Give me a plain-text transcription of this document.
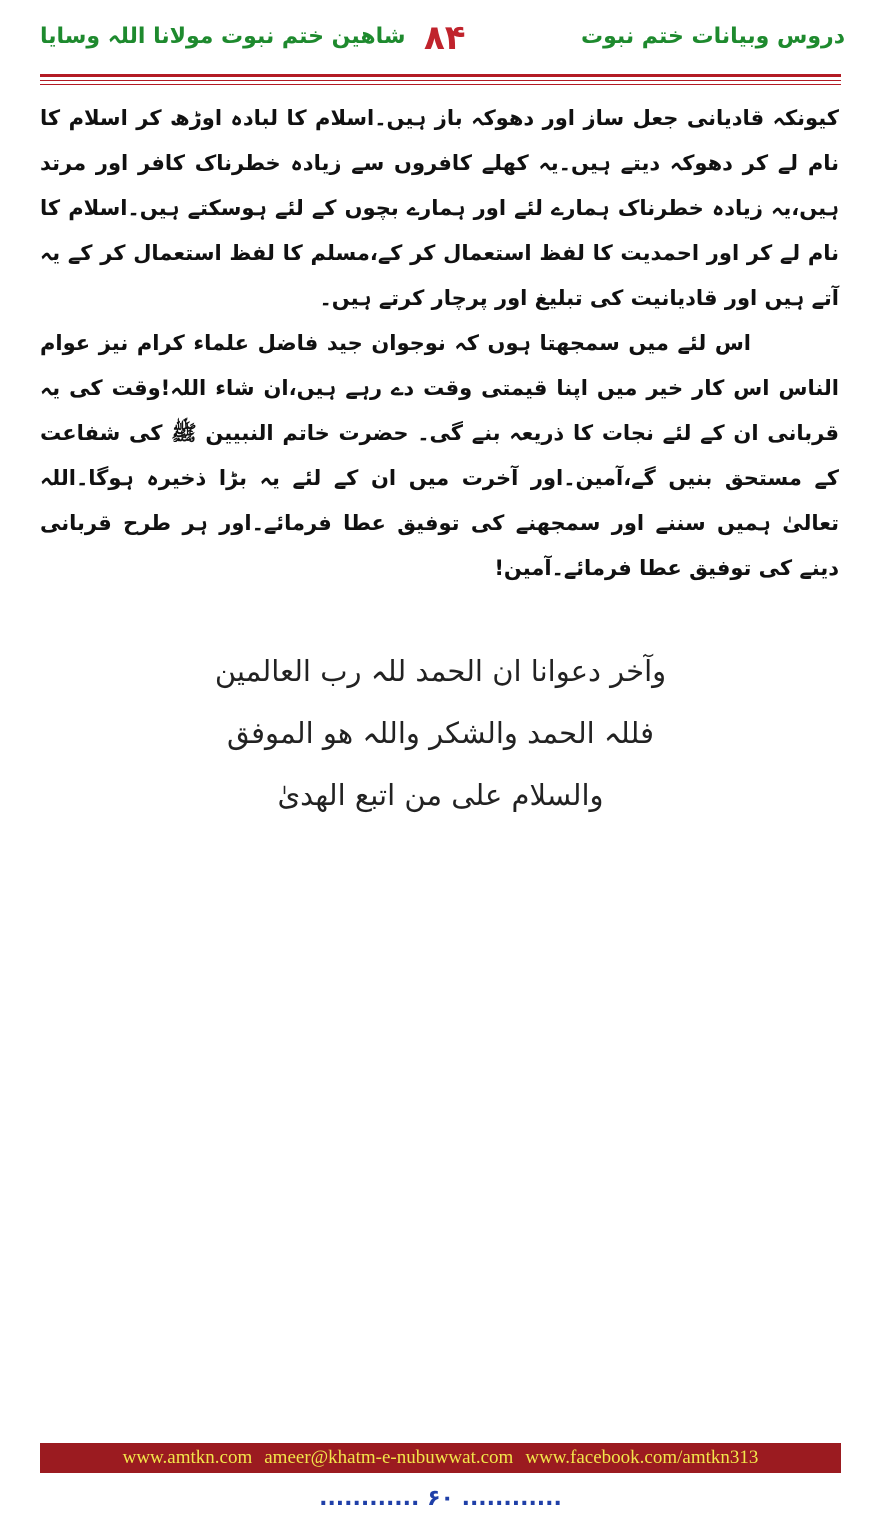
دروس وبیانات ختم نبوت
۸۴
شاهین ختم نبوت مولانا اللہ وسایا

کیونکہ قادیانی جعل ساز اور دھوکہ باز ہیں۔اسلام کا لبادہ اوڑھ کر اسلام کا نام لے کر دھوکہ دیتے ہیں۔یہ کھلے کافروں سے زیادہ خطرناک کافر اور مرتد ہیں،یہ زیادہ خطرناک ہمارے لئے اور ہمارے بچوں کے لئے ہوسکتے ہیں۔اسلام کا نام لے کر اور احمدیت کا لفظ استعمال کر کے،مسلم کا لفظ استعمال کر کے یہ آتے ہیں اور قادیانیت کی تبلیغ اور پرچار کرتے ہیں۔

اس لئے میں سمجھتا ہوں کہ نوجوان جید فاضل علماء کرام نیز عوام الناس اس کار خیر میں اپنا قیمتی وقت دے رہے ہیں،ان شاء اللہ!وقت کی یہ قربانی ان کے لئے نجات کا ذریعہ بنے گی۔ حضرت خاتم النبیین ﷺ کی شفاعت کے مستحق بنیں گے،آمین۔اور آخرت میں ان کے لئے یہ بڑا ذخیرہ ہوگا۔اللہ تعالیٰ ہمیں سننے اور سمجھنے کی توفیق عطا فرمائے۔اور ہر طرح قربانی دینے کی توفیق عطا فرمائے۔آمین!

وآخر دعوانا ان الحمد للہ رب العالمین
فللہ الحمد والشکر واللہ ھو الموفق
والسلام علی من اتبع الھدیٰ
www.amtkn.com ameer@khatm-e-nubuwwat.com www.facebook.com/amtkn313
............ ۶۰ ............
